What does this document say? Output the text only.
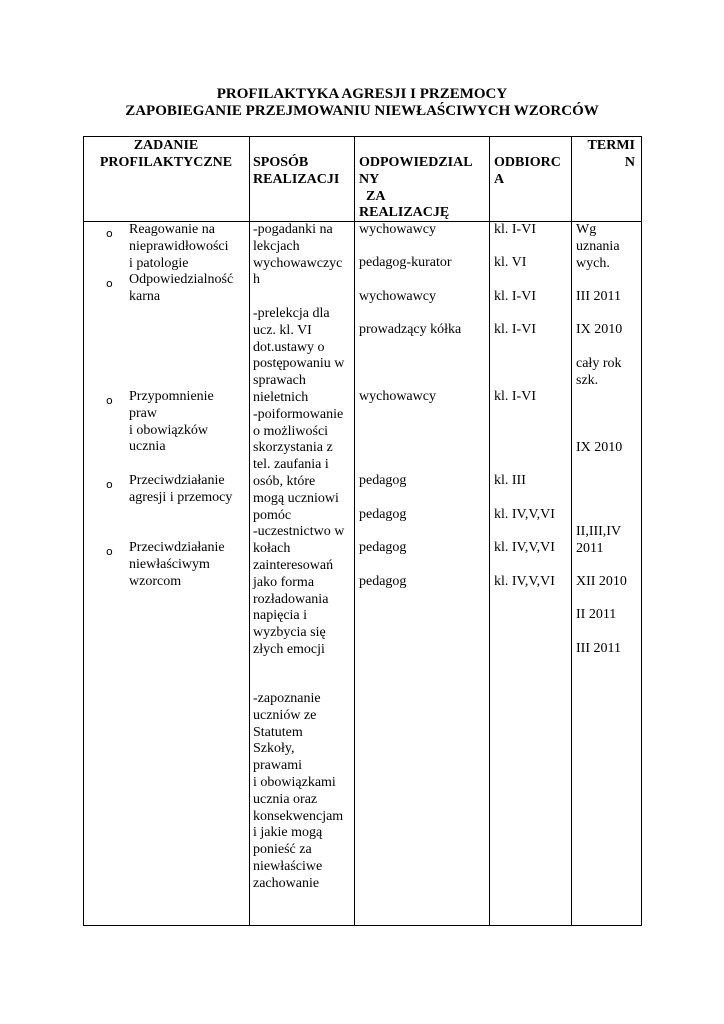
PROFILAKTYKA AGRESJI I PRZEMOCY
ZAPOBIEGANIE PRZEJMOWANIU NIEWŁAŚCIWYCH WZORCÓW

ZADANIE
PROFILAKTYCZNE	SPOSÓB
REALIZACJI

ODPOWIEDZIAL
NY
ZA
REALIZACJĘ

ODBIORC
A

TERMI
N

o Reagowanie na
nieprawidłowości
i patologie

o Odpowiedzialność
karna

o Przypomnienie
praw
i obowiązków
ucznia

o Przeciwdziałanie
agresji i przemocy

o Przeciwdziałanie
niewłaściwym
wzorcom

-pogadanki na
lekcjach
wychowawczyc
h

-prelekcja dla
ucz. kl. VI
dot.ustawy o
postępowaniu w
sprawach
nieletnich
-poiformowanie
o możliwości
skorzystania z
tel. zaufania i
osób, które
mogą uczniowi
pomóc
-uczestnictwo w
kołach
zainteresowań
jako forma
rozładowania
napięcia i
wyzbycia się
złych emocji

-zapoznanie
uczniów ze
Statutem
Szkoły,
prawami
i obowiązkami
ucznia oraz
konsekwencjam
i jakie mogą
ponieść za
niewłaściwe
zachowanie

wychowawcy

pedagog-kurator

wychowawcy

prowadzący kółka

wychowawcy

pedagog

pedagog

pedagog

pedagog

kl. I-VI

kl. VI

kl. I-VI

kl. I-VI

kl. I-VI

kl. III

kl. IV,V,VI

kl. IV,V,VI

kl. IV,V,VI

Wg
uznania
wych.

III 2011

IX 2010

cały rok
szk.

IX 2010

II,III,IV
2011

XII 2010

II 2011

III 2011
